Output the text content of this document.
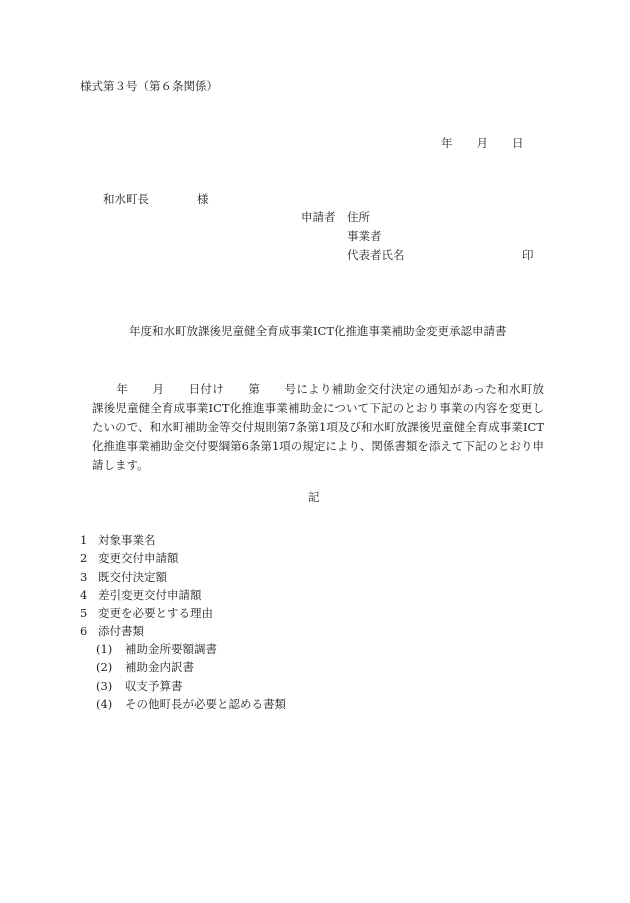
様式第３号（第６条関係）
年 月 日
和水町長	様
申請者 住所
事業者
代表者氏名	印
年度和水町放課後児童健全育成事業ICT化推進事業補助金変更承認申請書
年 月 日付け 第 号により補助金交付決定の通知があった和水町放課後児童健全育成事業ICT化推進事業補助金について下記のとおり事業の内容を変更したいので、和水町補助金等交付規則第7条第1項及び和水町放課後児童健全育成事業ICT化推進事業補助金交付要綱第6条第1項の規定により、関係書類を添えて下記のとおり申請します。
記
1 対象事業名
2 変更交付申請額
3 既交付決定額
4 差引変更交付申請額
5 変更を必要とする理由
6 添付書類
(1) 補助金所要額調書
(2) 補助金内訳書
(3) 収支予算書
(4) その他町長が必要と認める書類
